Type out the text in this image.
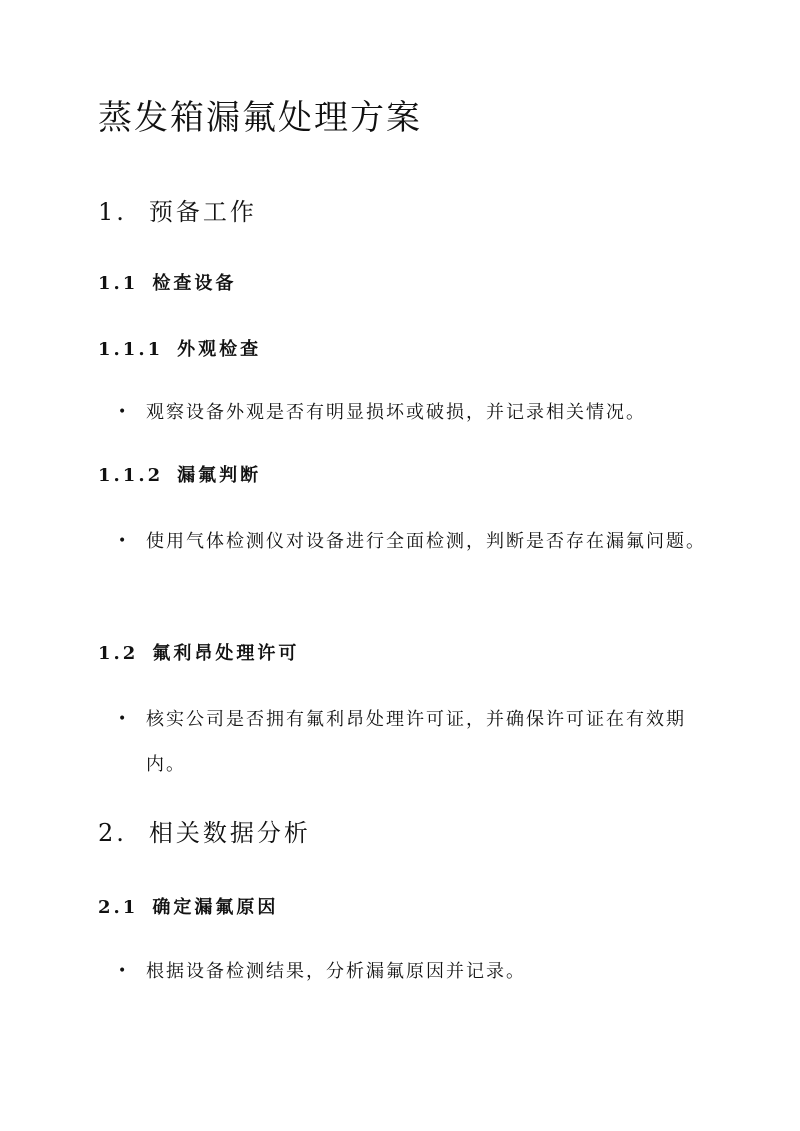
蒸发箱漏氟处理方案
1. 预备工作
1.1 检查设备
1.1.1 外观检查

• 观察设备外观是否有明显损坏或破损，并记录相关情况。

1.1.2 漏氟判断

• 使用气体检测仪对设备进行全面检测，判断是否存在漏氟问题。

1.2 氟利昂处理许可

• 核实公司是否拥有氟利昂处理许可证，并确保许可证在有效期内。

2. 相关数据分析
2.1 确定漏氟原因

• 根据设备检测结果，分析漏氟原因并记录。
